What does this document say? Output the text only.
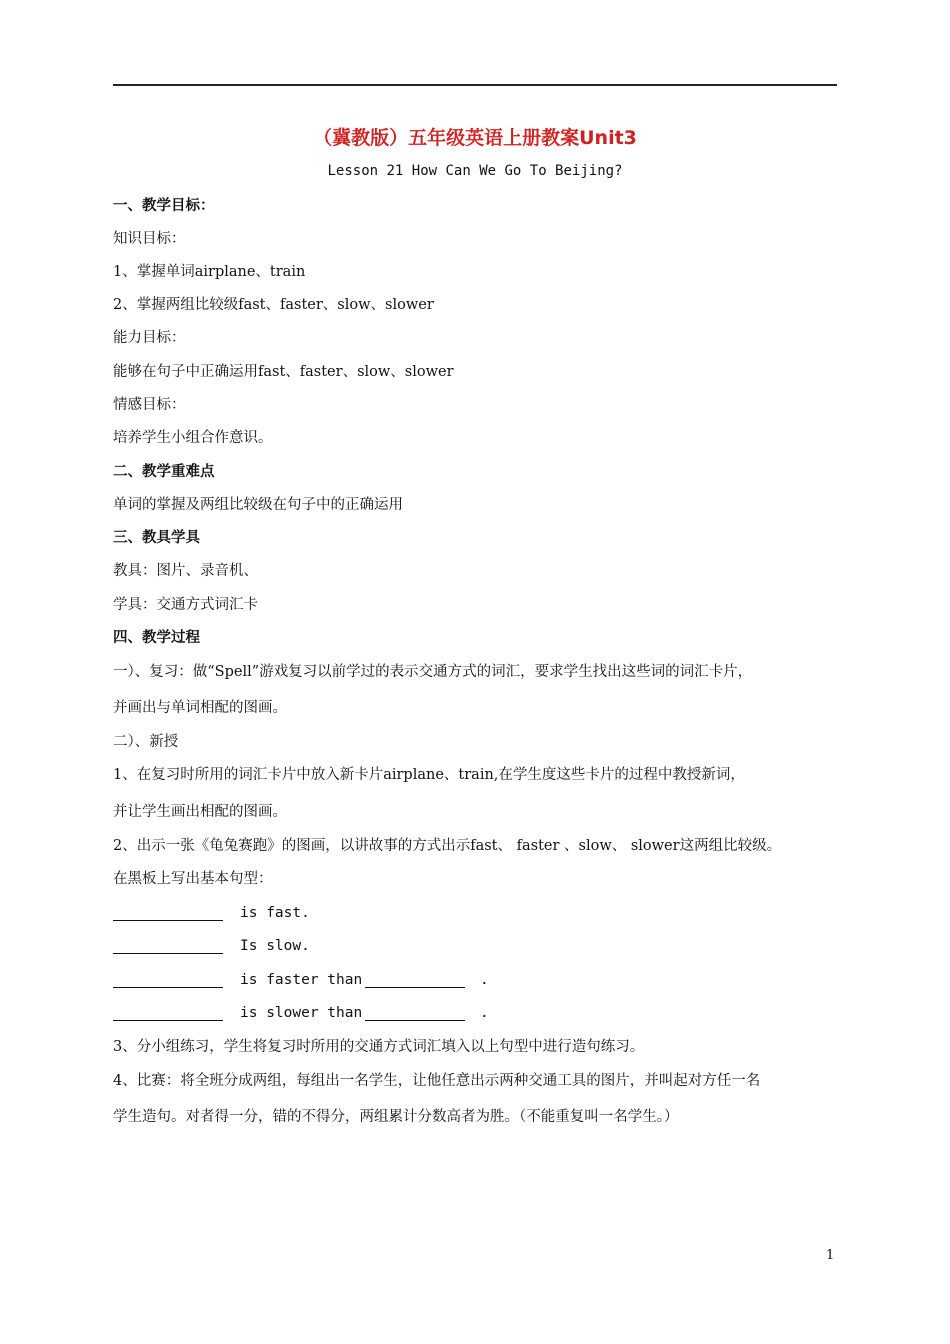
（冀教版）五年级英语上册教案Unit3
Lesson 21 How Can We Go To Beijing?
一、教学目标：
知识目标：
1、掌握单词airplane、train
2、掌握两组比较级fast、faster、slow、slower
能力目标：
能够在句子中正确运用fast、faster、slow、slower
情感目标：
培养学生小组合作意识。
二、教学重难点
单词的掌握及两组比较级在句子中的正确运用
三、教具学具
教具：图片、录音机、
学具：交通方式词汇卡
四、教学过程
一）、复习：做“Spell”游戏复习以前学过的表示交通方式的词汇，要求学生找出这些词的词汇卡片，
并画出与单词相配的图画。
二）、新授
1、在复习时所用的词汇卡片中放入新卡片airplane、train,在学生度这些卡片的过程中教授新词，
并让学生画出相配的图画。
2、出示一张《龟兔赛跑》的图画，以讲故事的方式出示fast、 faster 、slow、 slower这两组比较级。
在黑板上写出基本句型：
is fast.
Is slow.
is faster than	.
is slower than	.
3、分小组练习，学生将复习时所用的交通方式词汇填入以上句型中进行造句练习。
4、比赛：将全班分成两组，每组出一名学生，让他任意出示两种交通工具的图片，并叫起对方任一名
学生造句。对者得一分，错的不得分，两组累计分数高者为胜。（不能重复叫一名学生。）
1
